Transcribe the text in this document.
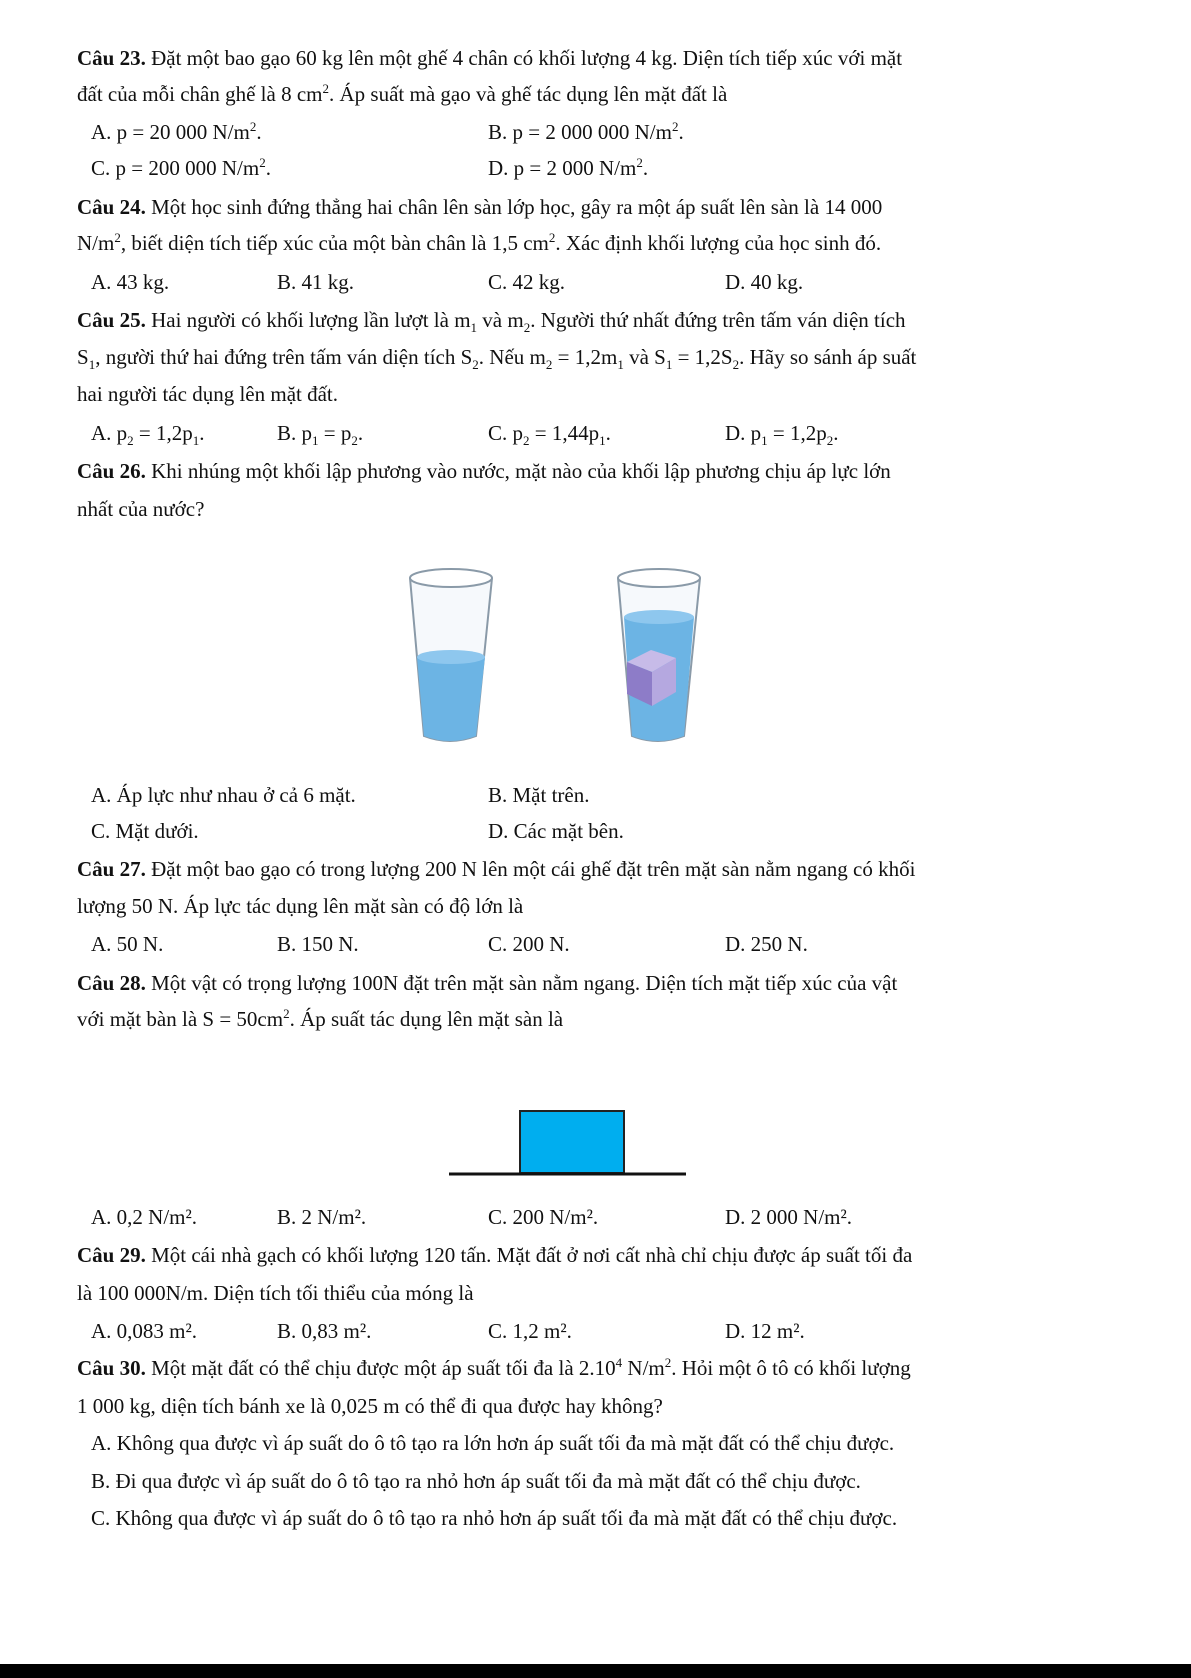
Câu 23. Đặt một bao gạo 60 kg lên một ghế 4 chân có khối lượng 4 kg. Diện tích tiếp xúc với mặt
đất của mỗi chân ghế là 8 $cm^2$. Áp suất mà gạo và ghế tác dụng lên mặt đất là
A. p = 20 000 $N/m^2$.	B. p = 2 000 000 $N/m^2$.
C. p = 200 000 $N/m^2$.	D. p = 2 000 $N/m^2$.
Câu 24. Một học sinh đứng thẳng hai chân lên sàn lớp học, gây ra một áp suất lên sàn là 14 000
$N/m^2$, biết diện tích tiếp xúc của một bàn chân là 1,5 $cm^2$. Xác định khối lượng của học sinh đó.
A. 43 kg.	B. 41 kg.	C. 42 kg.	D. 40 kg.
Câu 25. Hai người có khối lượng lần lượt là $m_1$ và $m_2$. Người thứ nhất đứng trên tấm ván diện tích
$S_1$, người thứ hai đứng trên tấm ván diện tích $S_2$. Nếu $m_2 = 1,2m_1$ và $S_1 = 1,2S_2$. Hãy so sánh áp suất
hai người tác dụng lên mặt đất.
A. $p_2 = 1,2p_1$.	B. $p_1 = p_2$.	C. $p_2 = 1,44p_1$.	D. $p_1 = 1,2p_2$.
Câu 26. Khi nhúng một khối lập phương vào nước, mặt nào của khối lập phương chịu áp lực lớn
nhất của nước?
A. Áp lực như nhau ở cả 6 mặt.	B. Mặt trên.
C. Mặt dưới.	D. Các mặt bên.
Câu 27. Đặt một bao gạo có trong lượng 200 N lên một cái ghế đặt trên mặt sàn nằm ngang có khối
lượng 50 N. Áp lực tác dụng lên mặt sàn có độ lớn là
A. 50 N.	B. 150 N.	C. 200 N.	D. 250 N.
Câu 28. Một vật có trọng lượng 100N đặt trên mặt sàn nằm ngang. Diện tích mặt tiếp xúc của vật
với mặt bàn là $S = 50cm^2$. Áp suất tác dụng lên mặt sàn là
A. 0,2 N/m².	B. 2 N/m².	C. 200 N/m².	D. 2 000 N/m².
Câu 29. Một cái nhà gạch có khối lượng 120 tấn. Mặt đất ở nơi cất nhà chỉ chịu được áp suất tối đa
là 100 000N/m. Diện tích tối thiểu của móng là
A. 0,083 m².	B. 0,83 m².	C. 1,2 m².	D. 12 m².
Câu 30. Một mặt đất có thể chịu được một áp suất tối đa là 2.10$^4$ $N/m^2$. Hỏi một ô tô có khối lượng
1 000 kg, diện tích bánh xe là 0,025 m có thể đi qua được hay không?
A. Không qua được vì áp suất do ô tô tạo ra lớn hơn áp suất tối đa mà mặt đất có thể chịu được.
B. Đi qua được vì áp suất do ô tô tạo ra nhỏ hơn áp suất tối đa mà mặt đất có thể chịu được.
C. Không qua được vì áp suất do ô tô tạo ra nhỏ hơn áp suất tối đa mà mặt đất có thể chịu được.
